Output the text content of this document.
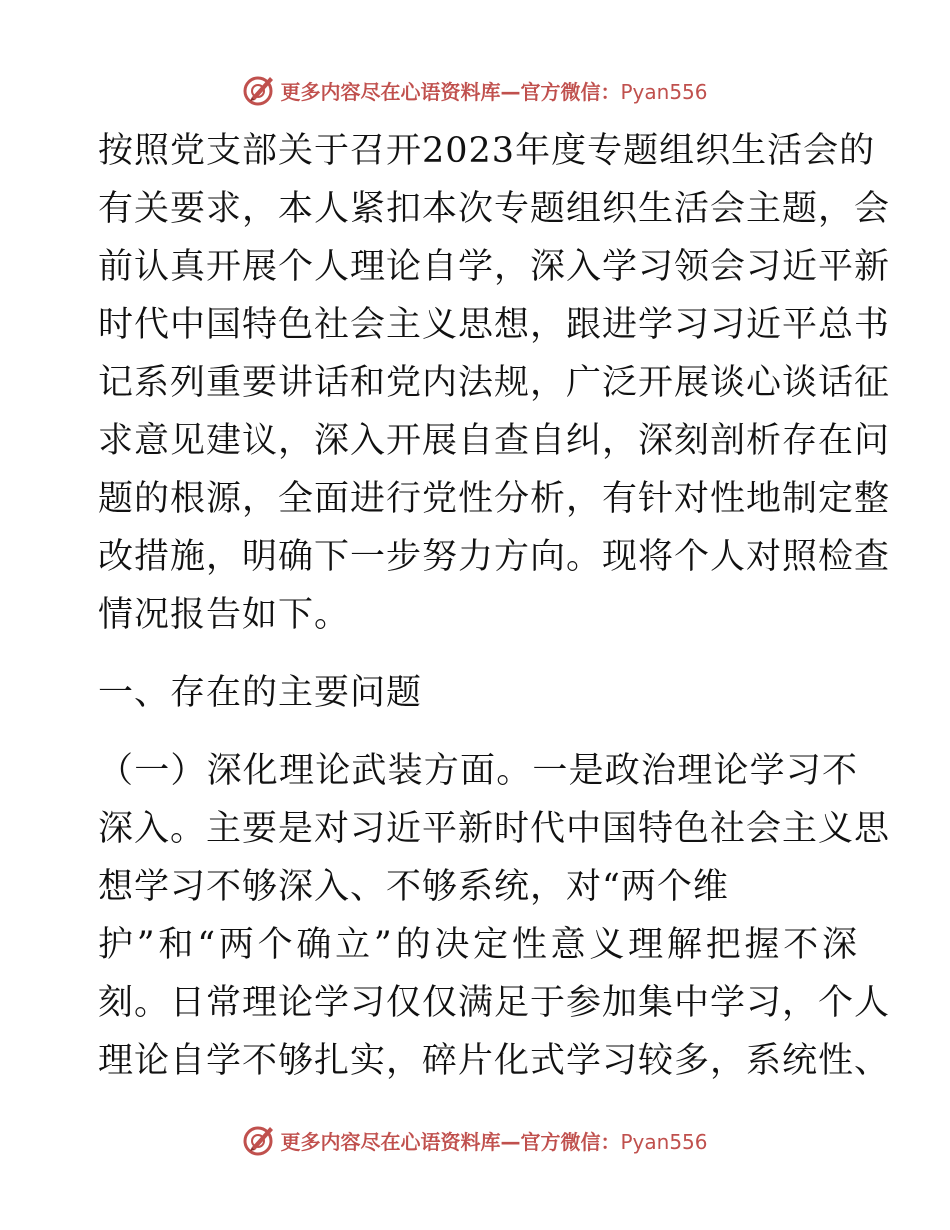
更多内容尽在心语资料库—官方微信：Pyan556
按照党支部关于召开2023年度专题组织生活会的
有关要求，本人紧扣本次专题组织生活会主题，会
前认真开展个人理论自学，深入学习领会习近平新
时代中国特色社会主义思想，跟进学习习近平总书
记系列重要讲话和党内法规，广泛开展谈心谈话征
求意见建议，深入开展自查自纠，深刻剖析存在问
题的根源，全面进行党性分析，有针对性地制定整
改措施，明确下一步努力方向。现将个人对照检查
情况报告如下。
一、存在的主要问题
（一）深化理论武装方面。一是政治理论学习不
深入。主要是对习近平新时代中国特色社会主义思
想学习不够深入、不够系统，对“两个维
护”和“两个确立”的决定性意义理解把握不深
刻。日常理论学习仅仅满足于参加集中学习，个人
理论自学不够扎实，碎片化式学习较多，系统性、
更多内容尽在心语资料库—官方微信：Pyan556
